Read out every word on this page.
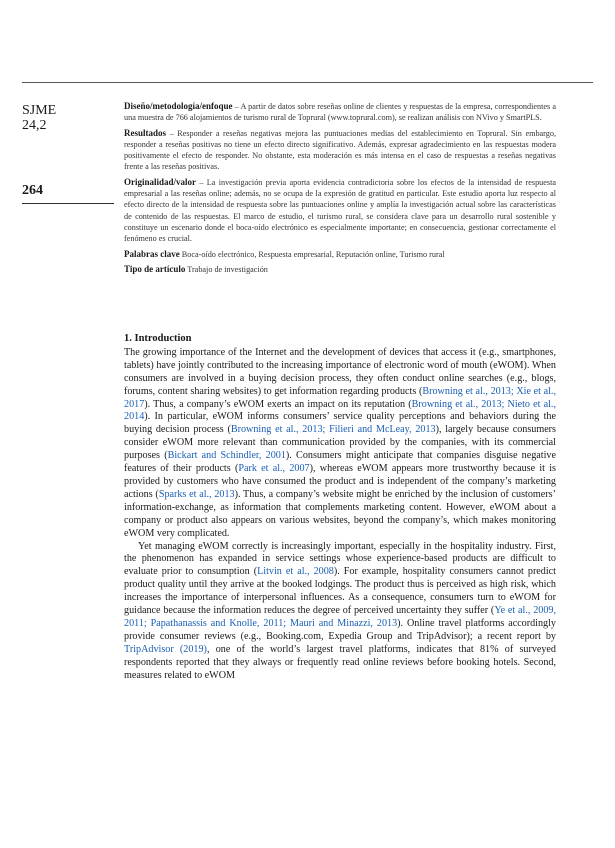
SJME
24,2
264

Diseño/metodología/enfoque – A partir de datos sobre reseñas online de clientes y respuestas de la empresa, correspondientes a una muestra de 766 alojamientos de turismo rural de Toprural (www.toprural.com), se realizan análisis con NVivo y SmartPLS.

Resultados – Responder a reseñas negativas mejora las puntuaciones medias del establecimiento en Toprural. Sin embargo, responder a reseñas positivas no tiene un efecto directo significativo. Además, expresar agradecimiento en las respuestas modera positivamente el efecto de responder. No obstante, esta moderación es más intensa en el caso de respuestas a reseñas negativas frente a las reseñas positivas.

Originalidad/valor – La investigación previa aporta evidencia contradictoria sobre los efectos de la intensidad de respuesta empresarial a las reseñas online; además, no se ocupa de la expresión de gratitud en particular. Este estudio aporta luz respecto al efecto directo de la intensidad de respuesta sobre las puntuaciones online y amplía la investigación actual sobre las características de contenido de las respuestas. El marco de estudio, el turismo rural, se considera clave para un desarrollo rural sostenible y constituye un escenario donde el boca-oído electrónico es especialmente importante; en consecuencia, gestionar correctamente el fenómeno es crucial.

Palabras clave Boca-oído electrónico, Respuesta empresarial, Reputación online, Turismo rural

Tipo de artículo Trabajo de investigación

1. Introduction

The growing importance of the Internet and the development of devices that access it (e.g., smartphones, tablets) have jointly contributed to the increasing importance of electronic word of mouth (eWOM). When consumers are involved in a buying decision process, they often conduct online searches (e.g., blogs, forums, content sharing websites) to get information regarding products (Browning et al., 2013; Xie et al., 2017). Thus, a company’s eWOM exerts an impact on its reputation (Browning et al., 2013; Nieto et al., 2014). In particular, eWOM informs consumers’ service quality perceptions and behaviors during the buying decision process (Browning et al., 2013; Filieri and McLeay, 2013), largely because consumers consider eWOM more relevant than communication provided by the companies, with its commercial purposes (Bickart and Schindler, 2001). Consumers might anticipate that companies disguise negative features of their products (Park et al., 2007), whereas eWOM appears more trustworthy because it is provided by customers who have consumed the product and is independent of the company’s marketing actions (Sparks et al., 2013). Thus, a company’s website might be enriched by the inclusion of customers’ information-exchange, as information that complements marketing content. However, eWOM about a company or product also appears on various websites, beyond the company’s, which makes monitoring eWOM very complicated.

Yet managing eWOM correctly is increasingly important, especially in the hospitality industry. First, the phenomenon has expanded in service settings whose experience-based products are difficult to evaluate prior to consumption (Litvin et al., 2008). For example, hospitality consumers cannot predict product quality until they arrive at the booked lodgings. The product thus is perceived as high risk, which increases the importance of interpersonal influences. As a consequence, consumers turn to eWOM for guidance because the information reduces the degree of perceived uncertainty they suffer (Ye et al., 2009, 2011; Papathanassis and Knolle, 2011; Mauri and Minazzi, 2013). Online travel platforms accordingly provide consumer reviews (e.g., Booking.com, Expedia Group and TripAdvisor); a recent report by TripAdvisor (2019), one of the world’s largest travel platforms, indicates that 81% of surveyed respondents reported that they always or frequently read online reviews before booking hotels. Second, measures related to eWOM
